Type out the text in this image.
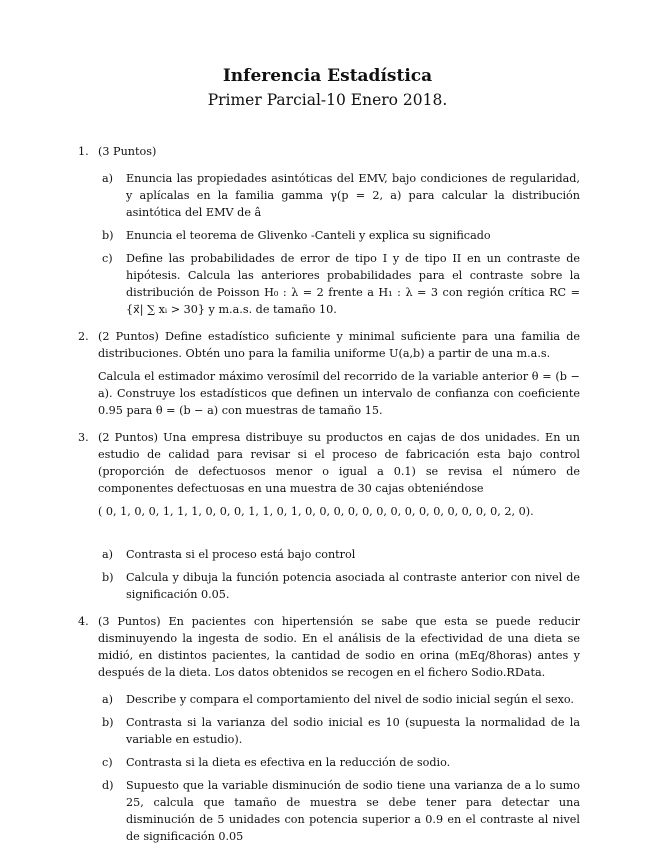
Inferencia Estadística
Primer Parcial-10 Enero 2018.
1. (3 Puntos)

a) Enuncia las propiedades asintóticas del EMV, bajo condiciones de regularidad, y aplícalas en la familia gamma γ(p = 2, a) para calcular la distribución asintótica del EMV de â
b) Enuncia el teorema de Glivenko -Canteli y explica su significado
c) Define las probabilidades de error de tipo I y de tipo II en un contraste de hipótesis. Calcula las anteriores probabilidades para el contraste sobre la distribución de Poisson H₀ : λ = 2 frente a H₁ : λ = 3 con región crítica RC = {x⃗| ∑ xᵢ > 30} y m.a.s. de tamaño 10.
2. (2 Puntos) Define estadístico suficiente y minimal suficiente para una familia de distribuciones. Obtén uno para la familia uniforme U(a,b) a partir de una m.a.s.

Calcula el estimador máximo verosímil del recorrido de la variable anterior θ = (b − a). Construye los estadísticos que definen un intervalo de confianza con coeficiente 0.95 para θ = (b − a) con muestras de tamaño 15.

3. (2 Puntos) Una empresa distribuye su productos en cajas de dos unidades. En un estudio de calidad para revisar si el proceso de fabricación esta bajo control (proporción de defectuosos menor o igual a 0.1) se revisa el número de componentes defectuosas en una muestra de 30 cajas obteniéndose

( 0, 1, 0, 0, 1, 1, 1, 0, 0, 0, 1, 1, 0, 1, 0, 0, 0, 0, 0, 0, 0, 0, 0, 0, 0, 0, 0, 0, 2, 0).

a) Contrasta si el proceso está bajo control
b) Calcula y dibuja la función potencia asociada al contraste anterior con nivel de significación 0.05.
4. (3 Puntos) En pacientes con hipertensión se sabe que esta se puede reducir disminuyendo la ingesta de sodio. En el análisis de la efectividad de una dieta se midió, en distintos pacientes, la cantidad de sodio en orina (mEq/8horas) antes y después de la dieta. Los datos obtenidos se recogen en el fichero Sodio.RData.

a) Describe y compara el comportamiento del nivel de sodio inicial según el sexo.
b) Contrasta si la varianza del sodio inicial es 10 (supuesta la normalidad de la variable en estudio).
c) Contrasta si la dieta es efectiva en la reducción de sodio.
d) Supuesto que la variable disminución de sodio tiene una varianza de a lo sumo 25, calcula que tamaño de muestra se debe tener para detectar una disminución de 5 unidades con potencia superior a 0.9 en el contraste al nivel de significación 0.05
